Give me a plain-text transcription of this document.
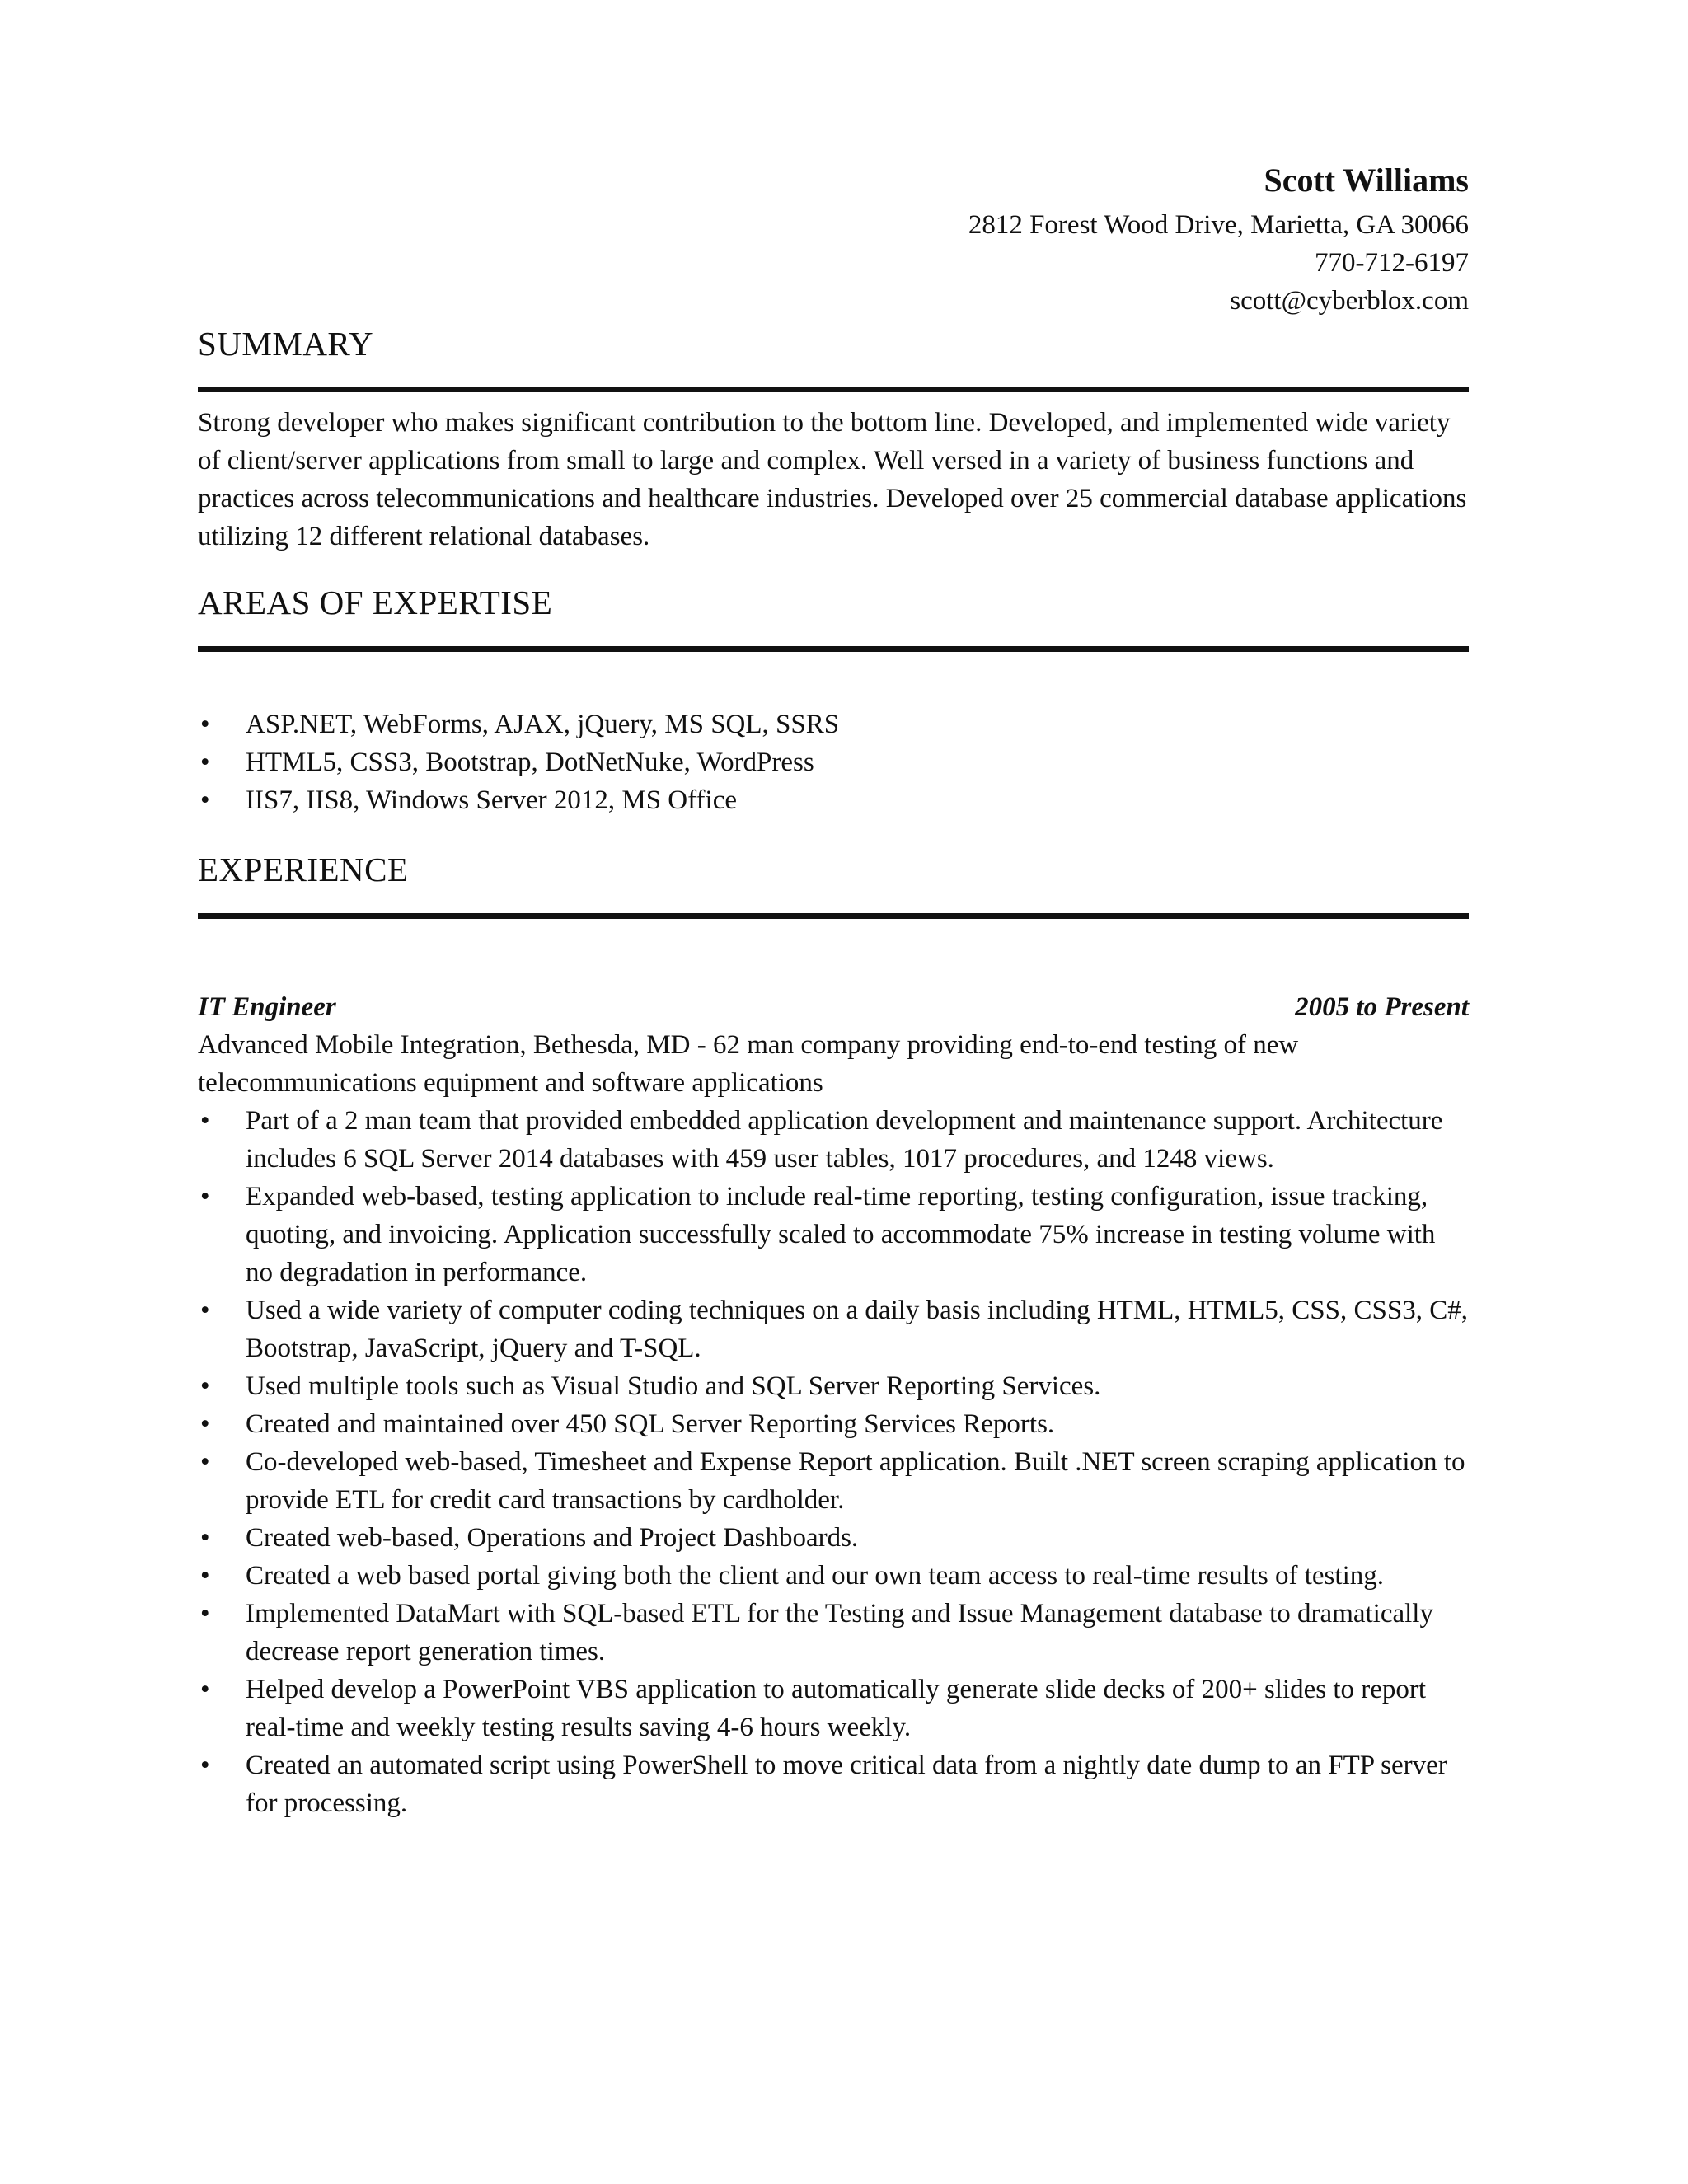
Scott Williams
2812 Forest Wood Drive, Marietta, GA 30066
770-712-6197
scott@cyberblox.com
SUMMARY

Strong developer who makes significant contribution to the bottom line. Developed, and implemented wide variety of client/server applications from small to large and complex. Well versed in a variety of business functions and practices across telecommunications and healthcare industries. Developed over 25 commercial database applications utilizing 12 different relational databases.

AREAS OF EXPERTISE
•	ASP.NET, WebForms, AJAX, jQuery, MS SQL, SSRS
•	HTML5, CSS3, Bootstrap, DotNetNuke, WordPress
•	IIS7, IIS8, Windows Server 2012, MS Office
EXPERIENCE
IT Engineer	2005 to Present

Advanced Mobile Integration, Bethesda, MD - 62 man company providing end-to-end testing of new telecommunications equipment and software applications

•	Part of a 2 man team that provided embedded application development and maintenance support. Architecture includes 6 SQL Server 2014 databases with 459 user tables, 1017 procedures, and 1248 views.
•	Expanded web-based, testing application to include real-time reporting, testing configuration, issue tracking, quoting, and invoicing. Application successfully scaled to accommodate 75% increase in testing volume with no degradation in performance.
•	Used a wide variety of computer coding techniques on a daily basis including HTML, HTML5, CSS, CSS3, C#, Bootstrap, JavaScript, jQuery and T-SQL.
•	Used multiple tools such as Visual Studio and SQL Server Reporting Services.
•	Created and maintained over 450 SQL Server Reporting Services Reports.
•	Co-developed web-based, Timesheet and Expense Report application. Built .NET screen scraping application to provide ETL for credit card transactions by cardholder.
•	Created web-based, Operations and Project Dashboards.
•	Created a web based portal giving both the client and our own team access to real-time results of testing.
•	Implemented DataMart with SQL-based ETL for the Testing and Issue Management database to dramatically decrease report generation times.
•	Helped develop a PowerPoint VBS application to automatically generate slide decks of 200+ slides to report real-time and weekly testing results saving 4-6 hours weekly.
•	Created an automated script using PowerShell to move critical data from a nightly date dump to an FTP server for processing.
